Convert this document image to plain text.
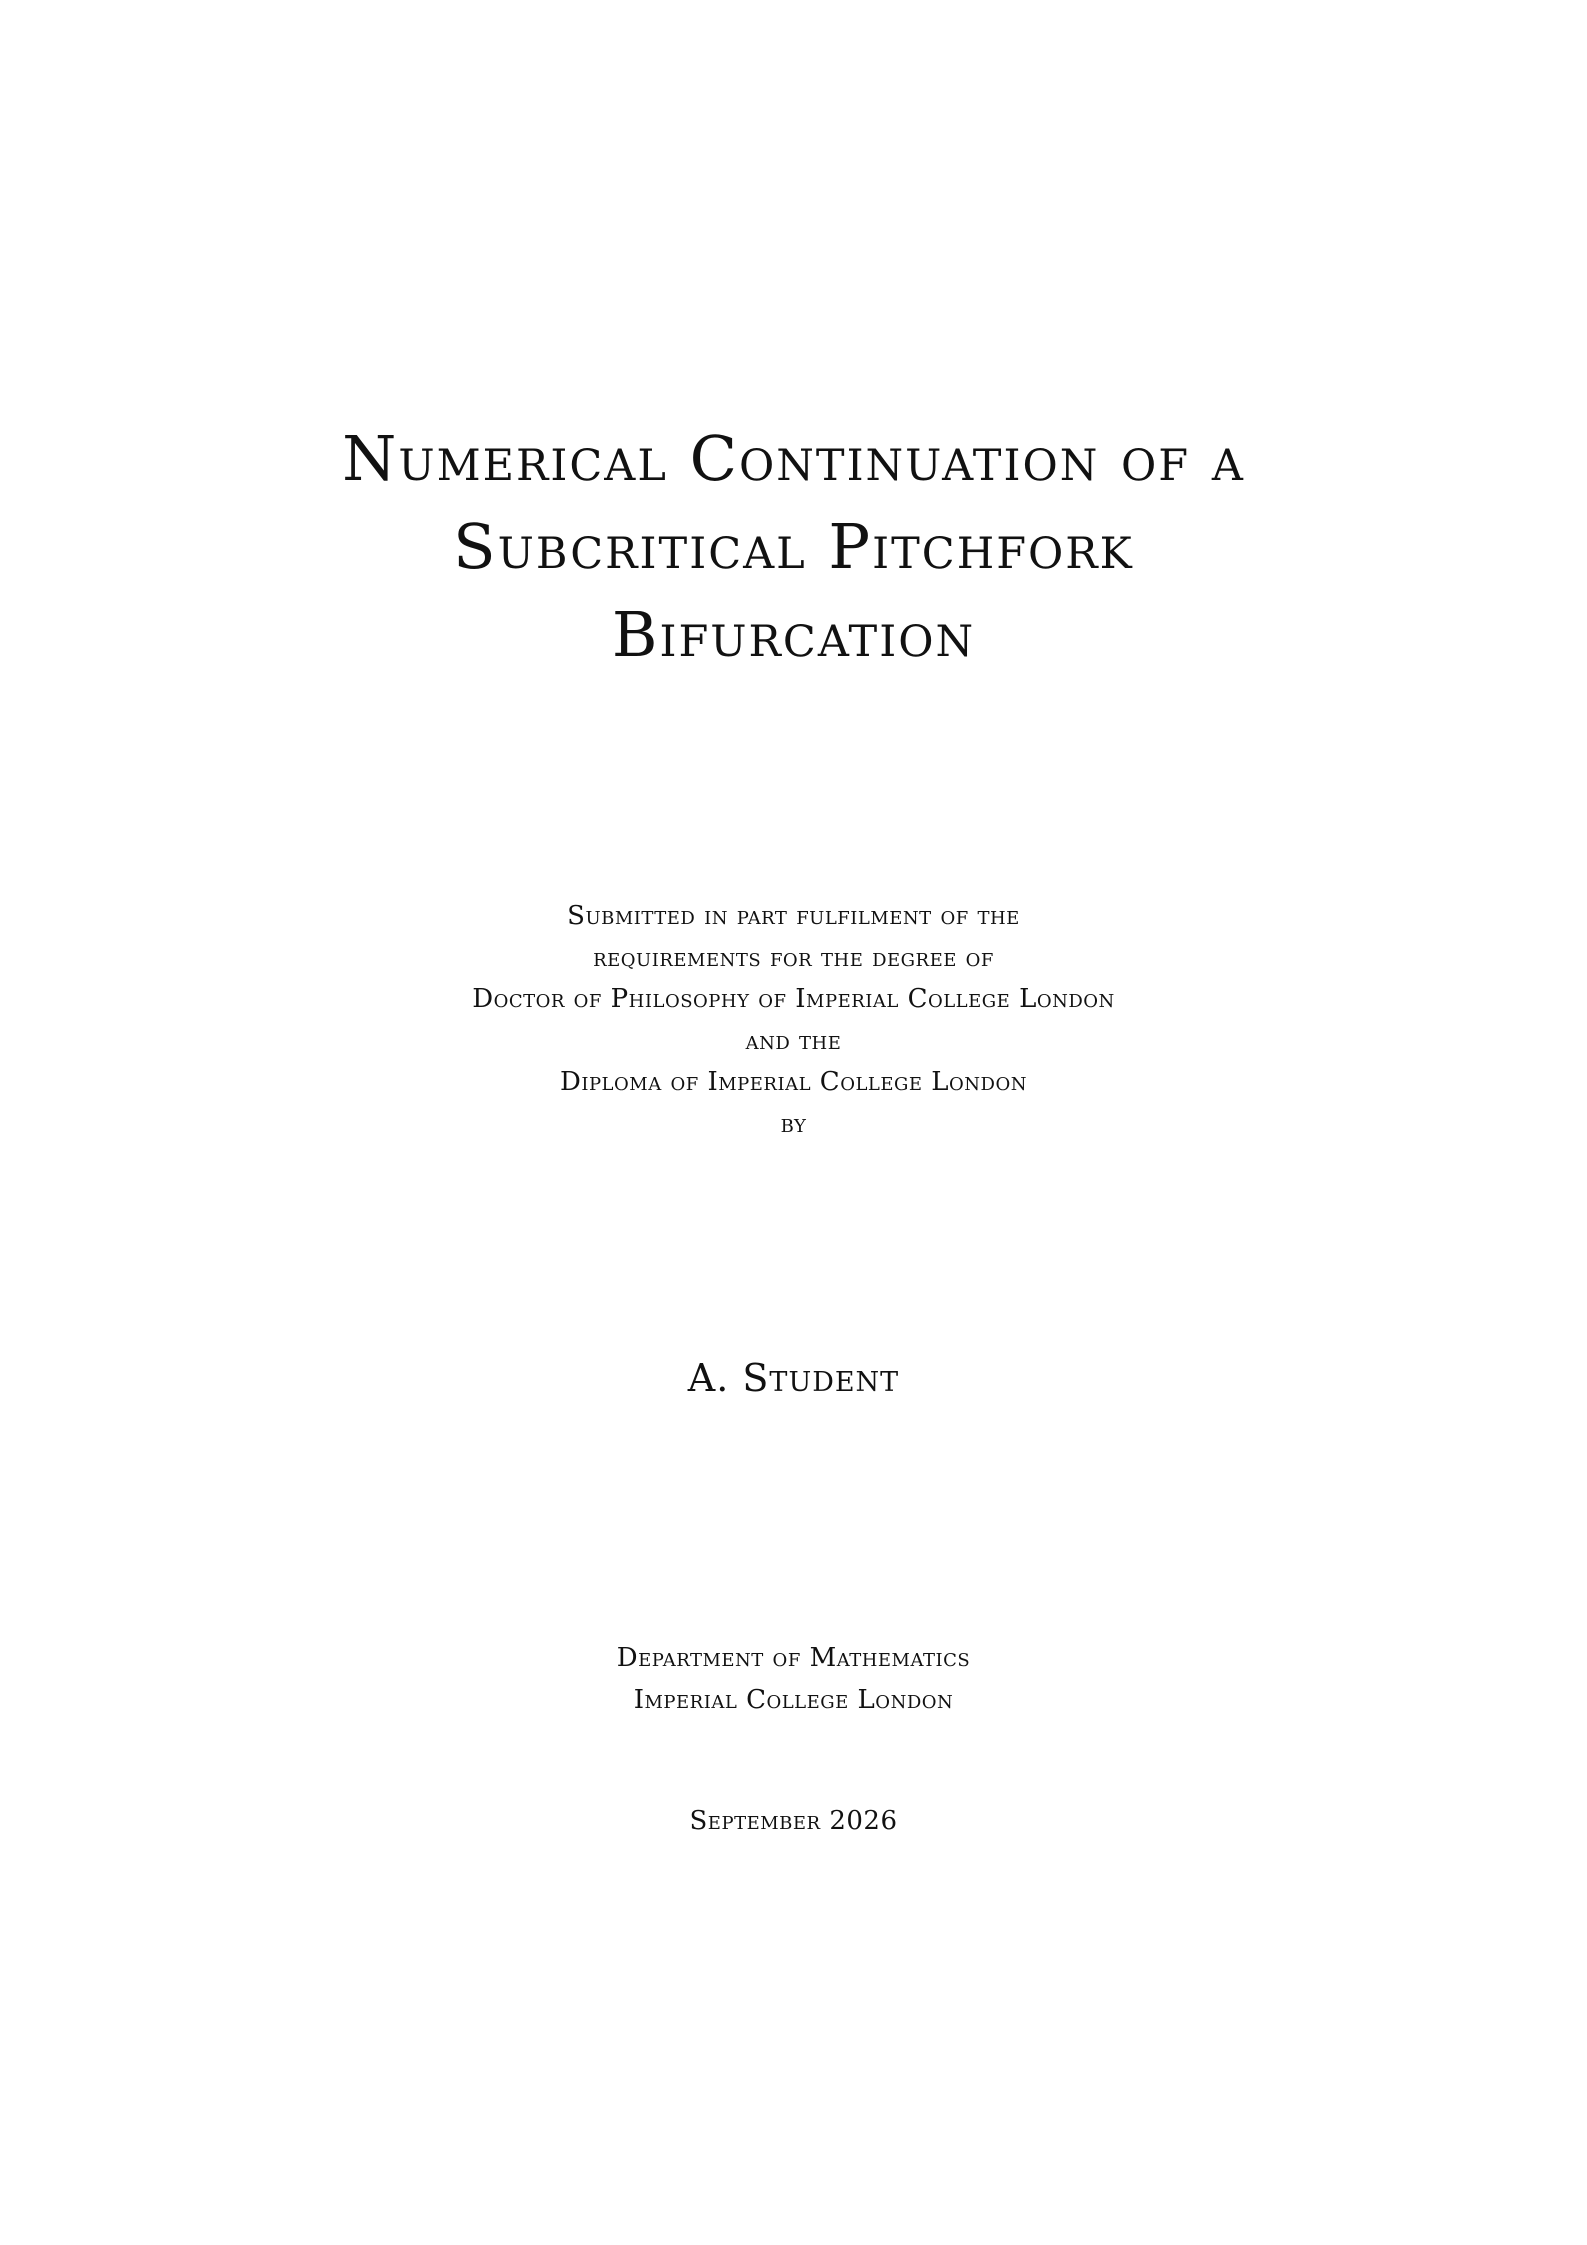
Numerical Continuation of a
Subcritical Pitchfork
Bifurcation
Submitted in part fulfilment of the
requirements for the degree of
Doctor of Philosophy of Imperial College London
and the
Diploma of Imperial College London
by
A. Student
Department of Mathematics
Imperial College London
September 2026
